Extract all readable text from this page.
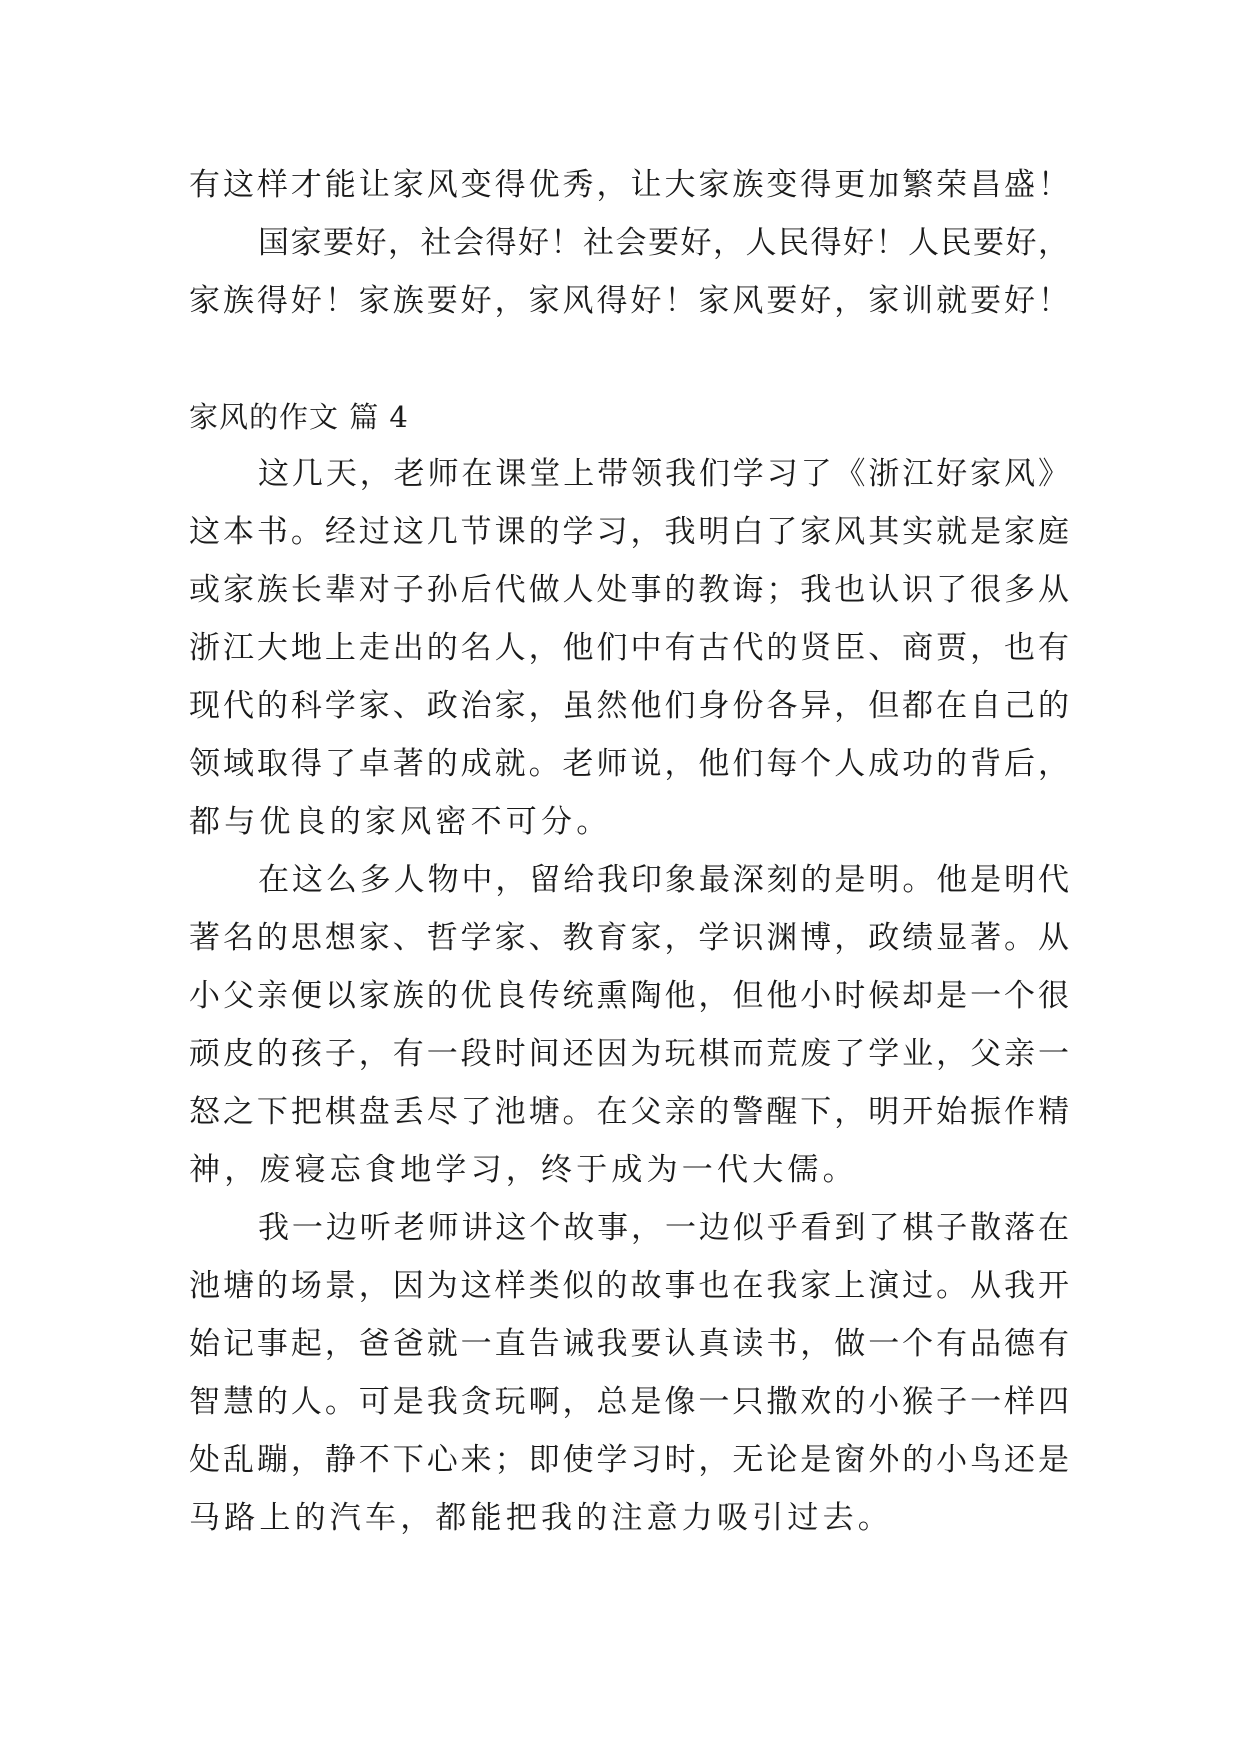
有这样才能让家风变得优秀，让大家族变得更加繁荣昌盛！
国家要好，社会得好！社会要好，人民得好！人民要好，
家族得好！家族要好，家风得好！家风要好，家训就要好！
家风的作文 篇 4
这几天，老师在课堂上带领我们学习了《浙江好家风》
这本书。经过这几节课的学习，我明白了家风其实就是家庭
或家族长辈对子孙后代做人处事的教诲；我也认识了很多从
浙江大地上走出的名人，他们中有古代的贤臣、商贾，也有
现代的科学家、政治家，虽然他们身份各异，但都在自己的
领域取得了卓著的成就。老师说，他们每个人成功的背后，
都与优良的家风密不可分。
在这么多人物中，留给我印象最深刻的是明。他是明代
著名的思想家、哲学家、教育家，学识渊博，政绩显著。从
小父亲便以家族的优良传统熏陶他，但他小时候却是一个很
顽皮的孩子，有一段时间还因为玩棋而荒废了学业，父亲一
怒之下把棋盘丢尽了池塘。在父亲的警醒下，明开始振作精
神，废寝忘食地学习，终于成为一代大儒。
我一边听老师讲这个故事，一边似乎看到了棋子散落在
池塘的场景，因为这样类似的故事也在我家上演过。从我开
始记事起，爸爸就一直告诫我要认真读书，做一个有品德有
智慧的人。可是我贪玩啊，总是像一只撒欢的小猴子一样四
处乱蹦，静不下心来；即使学习时，无论是窗外的小鸟还是
马路上的汽车，都能把我的注意力吸引过去。
